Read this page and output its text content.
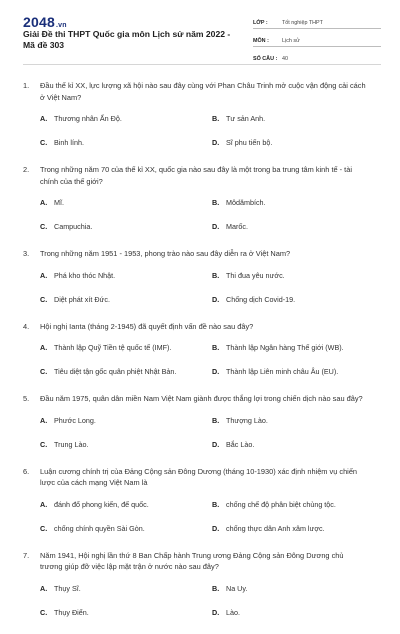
2048.vn
Giải Đề thi THPT Quốc gia môn Lịch sử năm 2022 - Mã đề 303
LỚP :	Tốt nghiệp THPT
MÔN :	Lịch sử
SỐ CÂU : 40
1.	Đầu thế kỉ XX, lực lượng xã hội nào sau đây cùng với Phan Châu Trinh mở cuộc vận động cải cách ở Việt Nam?
A. Thương nhân Ấn Độ.	B. Tư sản Anh.
C. Binh lính.	D. Sĩ phu tiến bộ.
2.	Trong những năm 70 của thế kỉ XX, quốc gia nào sau đây là một trong ba trung tâm kinh tế - tài chính của thế giới?
A. Mĩ.	B. Môdămbích.
C. Campuchia.	D. Marốc.
3.	Trong những năm 1951 - 1953, phong trào nào sau đây diễn ra ở Việt Nam?
A. Phá kho thóc Nhật.	B. Thi đua yêu nước.
C. Diệt phát xít Đức.	D. Chống dịch Covid-19.
4.	Hội nghị Ianta (tháng 2-1945) đã quyết định vấn đề nào sau đây?
A. Thành lập Quỹ Tiền tệ quốc tế (IMF).	B. Thành lập Ngân hàng Thế giới (WB).
C. Tiêu diệt tận gốc quân phiệt Nhật Bản.	D. Thành lập Liên minh châu Âu (EU).
5.	Đầu năm 1975, quân dân miền Nam Việt Nam giành được thắng lợi trong chiến dịch nào sau đây?
A. Phước Long.	B. Thượng Lào.
C. Trung Lào.	D. Bắc Lào.
6.	Luận cương chính trị của Đảng Cộng sản Đông Dương (tháng 10-1930) xác định nhiệm vụ chiến lược của cách mạng Việt Nam là
A. đánh đổ phong kiến, đế quốc.	B. chống chế độ phân biệt chủng tộc.
C. chống chính quyền Sài Gòn.	D. chống thực dân Anh xâm lược.
7.	Năm 1941, Hội nghị lần thứ 8 Ban Chấp hành Trung ương Đảng Cộng sản Đông Dương chủ trương giúp đỡ việc lập mặt trận ở nước nào sau đây?
A. Thụy Sĩ.	B. Na Uy.
C. Thụy Điển.	D. Lào.
